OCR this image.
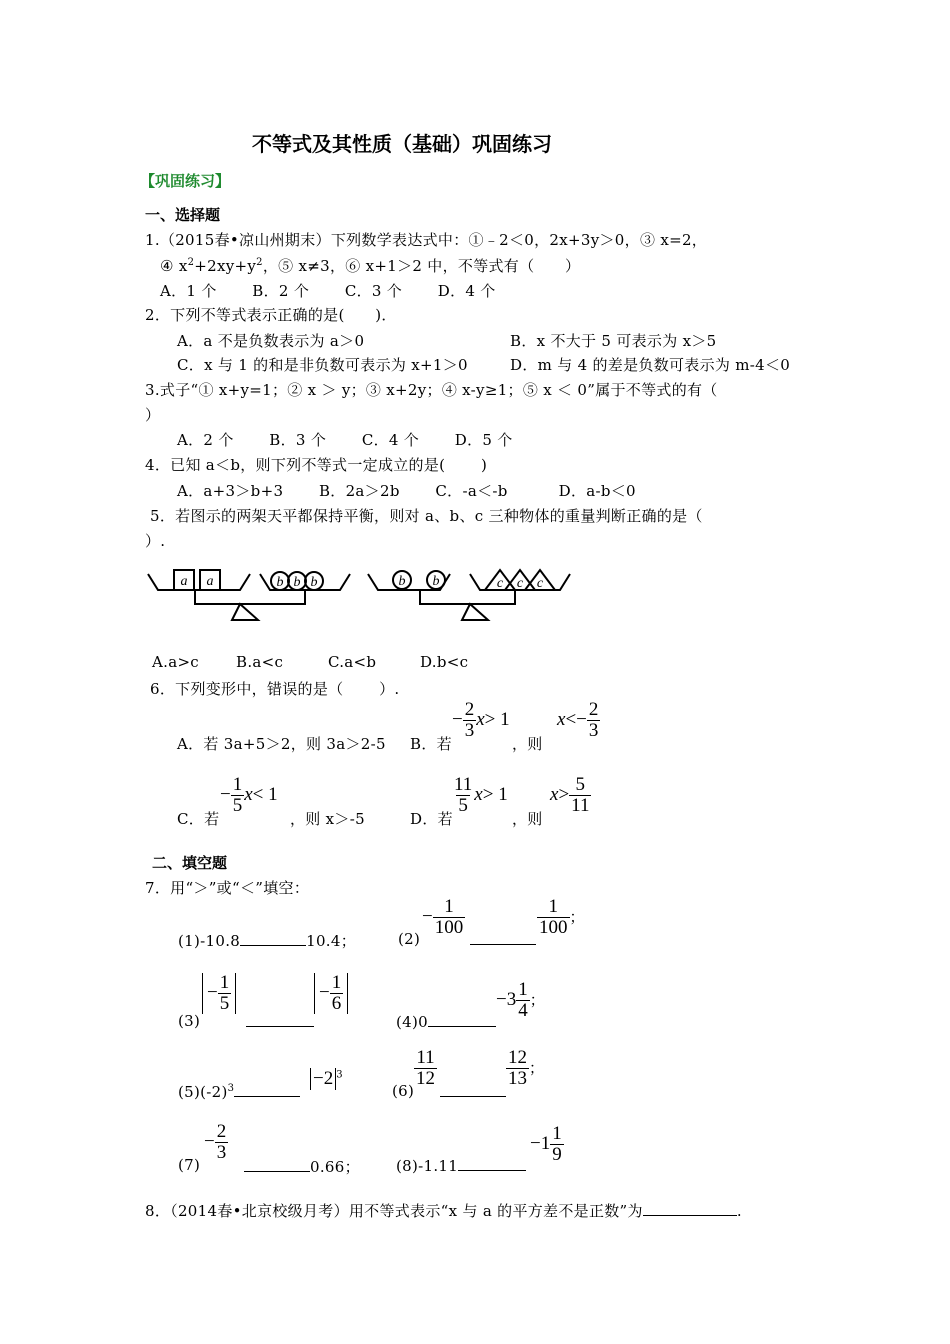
不等式及其性质（基础）巩固练习
【巩固练习】
一、选择题
1.（2015春•凉山州期末）下列数学表达式中：①﹣2＜0，2x+3y＞0，③ x=2，
④ $x^2+2xy+y^2$，⑤ x≠3，⑥ x+1＞2 中，不等式有（　　）
A．1 个　　 B．2 个　　 C．3 个　　 D．4 个
2．下列不等式表示正确的是(　　)．
A．a 不是负数表示为 a＞0	B．x 不大于 5 可表示为 x＞5
C．x 与 1 的和是非负数可表示为 x+1＞0	D．m 与 4 的差是负数可表示为 m-4＜0
3.式子“① x+y=1；② x ＞ y；③ x+2y；④ x-y≥1；⑤ x ＜ 0”属于不等式的有（
）
A．2 个　　 B．3 个　　 C．4 个　　 D．5 个
4．已知 a＜b，则下列不等式一定成立的是(　　 )
A．a+3＞b+3　　 B．2a＞2b　　 C．-a＜-b　　　 D．a-b＜0
5．若图示的两架天平都保持平衡，则对 a、b、c 三种物体的重量判断正确的是（
）.
a a	b b b	b b	c c c
A.a>c B.a<c	C.a<b	D.b<c
6．下列变形中，错误的是（　　 ）.
A．若 3a+5＞2，则 3a＞2-5 B．若
− $\frac{2}{3} x> 1$
，则
$x<- \frac{2}{3}$
C．若
− $\frac{1}{5} x< 1$
，则 x＞-5	D．若
$\frac{11}{5} x> 1$
，则
$x> \frac{5}{11}$
二、填空题
7．用“＞”或“＜”填空：
(1)-10.8	10.4；	(2)
− $\frac{1}{100}$	$\frac{1}{100}$ ；
(3)
− $\frac{1}{5}$	− $\frac{1}{6}$
(4)0
$-3 \frac{1}{4}$ ；
$(5)(-2)^3$	−2 $^3$
(6)
$\frac{11}{12}$	$\frac{12}{13}$ ；
(7)
− $\frac{2}{3}$
0.66； (8)-1.11
$-1 \frac{1}{9}$
8．（2014春•北京校级月考）用不等式表示“x 与 a 的平方差不是正数”为	.
